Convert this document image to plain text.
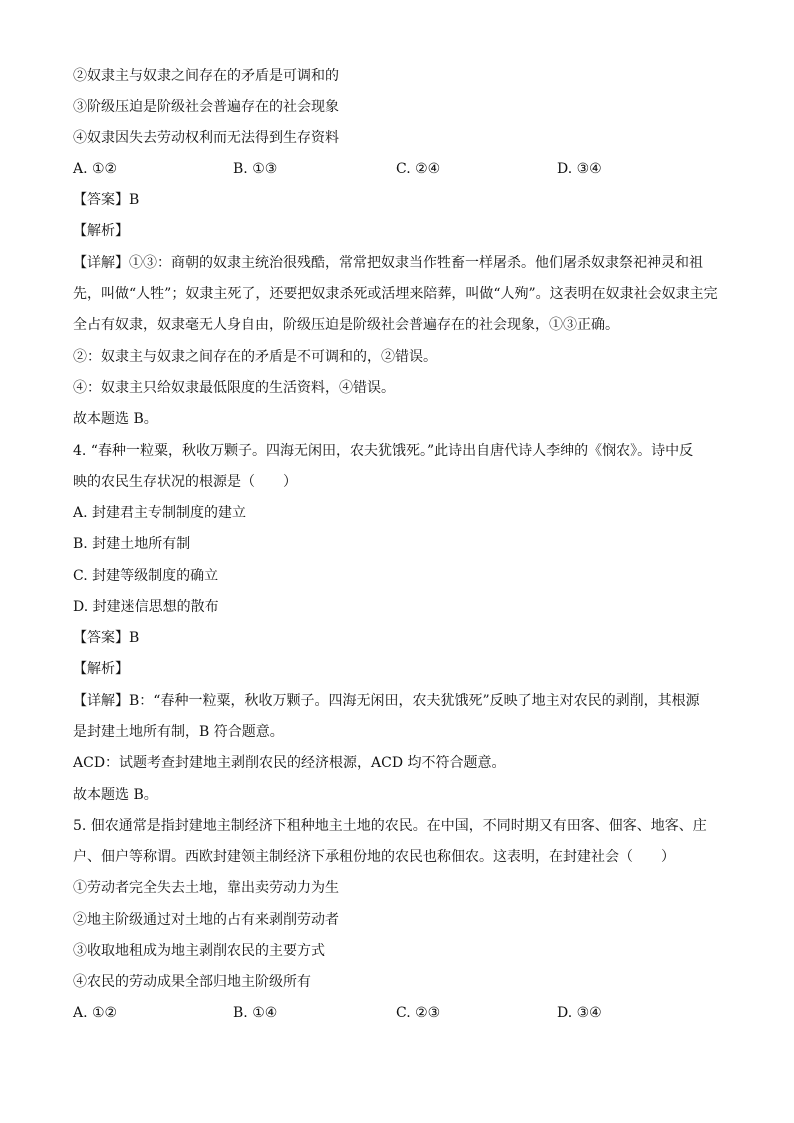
②奴隶主与奴隶之间存在的矛盾是可调和的
③阶级压迫是阶级社会普遍存在的社会现象
④奴隶因失去劳动权利而无法得到生存资料
A. ①②	B. ①③	C. ②④	D. ③④
【答案】B
【解析】
【详解】①③：商朝的奴隶主统治很残酷，常常把奴隶当作牲畜一样屠杀。他们屠杀奴隶祭祀神灵和祖
先，叫做“人牲”；奴隶主死了，还要把奴隶杀死或活埋来陪葬，叫做“人殉”。这表明在奴隶社会奴隶主完
全占有奴隶，奴隶毫无人身自由，阶级压迫是阶级社会普遍存在的社会现象，①③正确。
②：奴隶主与奴隶之间存在的矛盾是不可调和的，②错误。
④：奴隶主只给奴隶最低限度的生活资料，④错误。
故本题选 B。
4. “春种一粒粟，秋收万颗子。四海无闲田，农夫犹饿死。”此诗出自唐代诗人李绅的《悯农》。诗中反
映的农民生存状况的根源是（　　）
A. 封建君主专制制度的建立
B. 封建土地所有制
C. 封建等级制度的确立
D. 封建迷信思想的散布
【答案】B
【解析】
【详解】B：“春种一粒粟，秋收万颗子。四海无闲田，农夫犹饿死”反映了地主对农民的剥削，其根源
是封建土地所有制，B 符合题意。
ACD：试题考查封建地主剥削农民的经济根源，ACD 均不符合题意。
故本题选 B。
5. 佃农通常是指封建地主制经济下租种地主土地的农民。在中国，不同时期又有田客、佃客、地客、庄
户、佃户等称谓。西欧封建领主制经济下承租份地的农民也称佃农。这表明，在封建社会（　　）
①劳动者完全失去土地，靠出卖劳动力为生
②地主阶级通过对土地的占有来剥削劳动者
③收取地租成为地主剥削农民的主要方式
④农民的劳动成果全部归地主阶级所有
A. ①②	B. ①④	C. ②③	D. ③④
